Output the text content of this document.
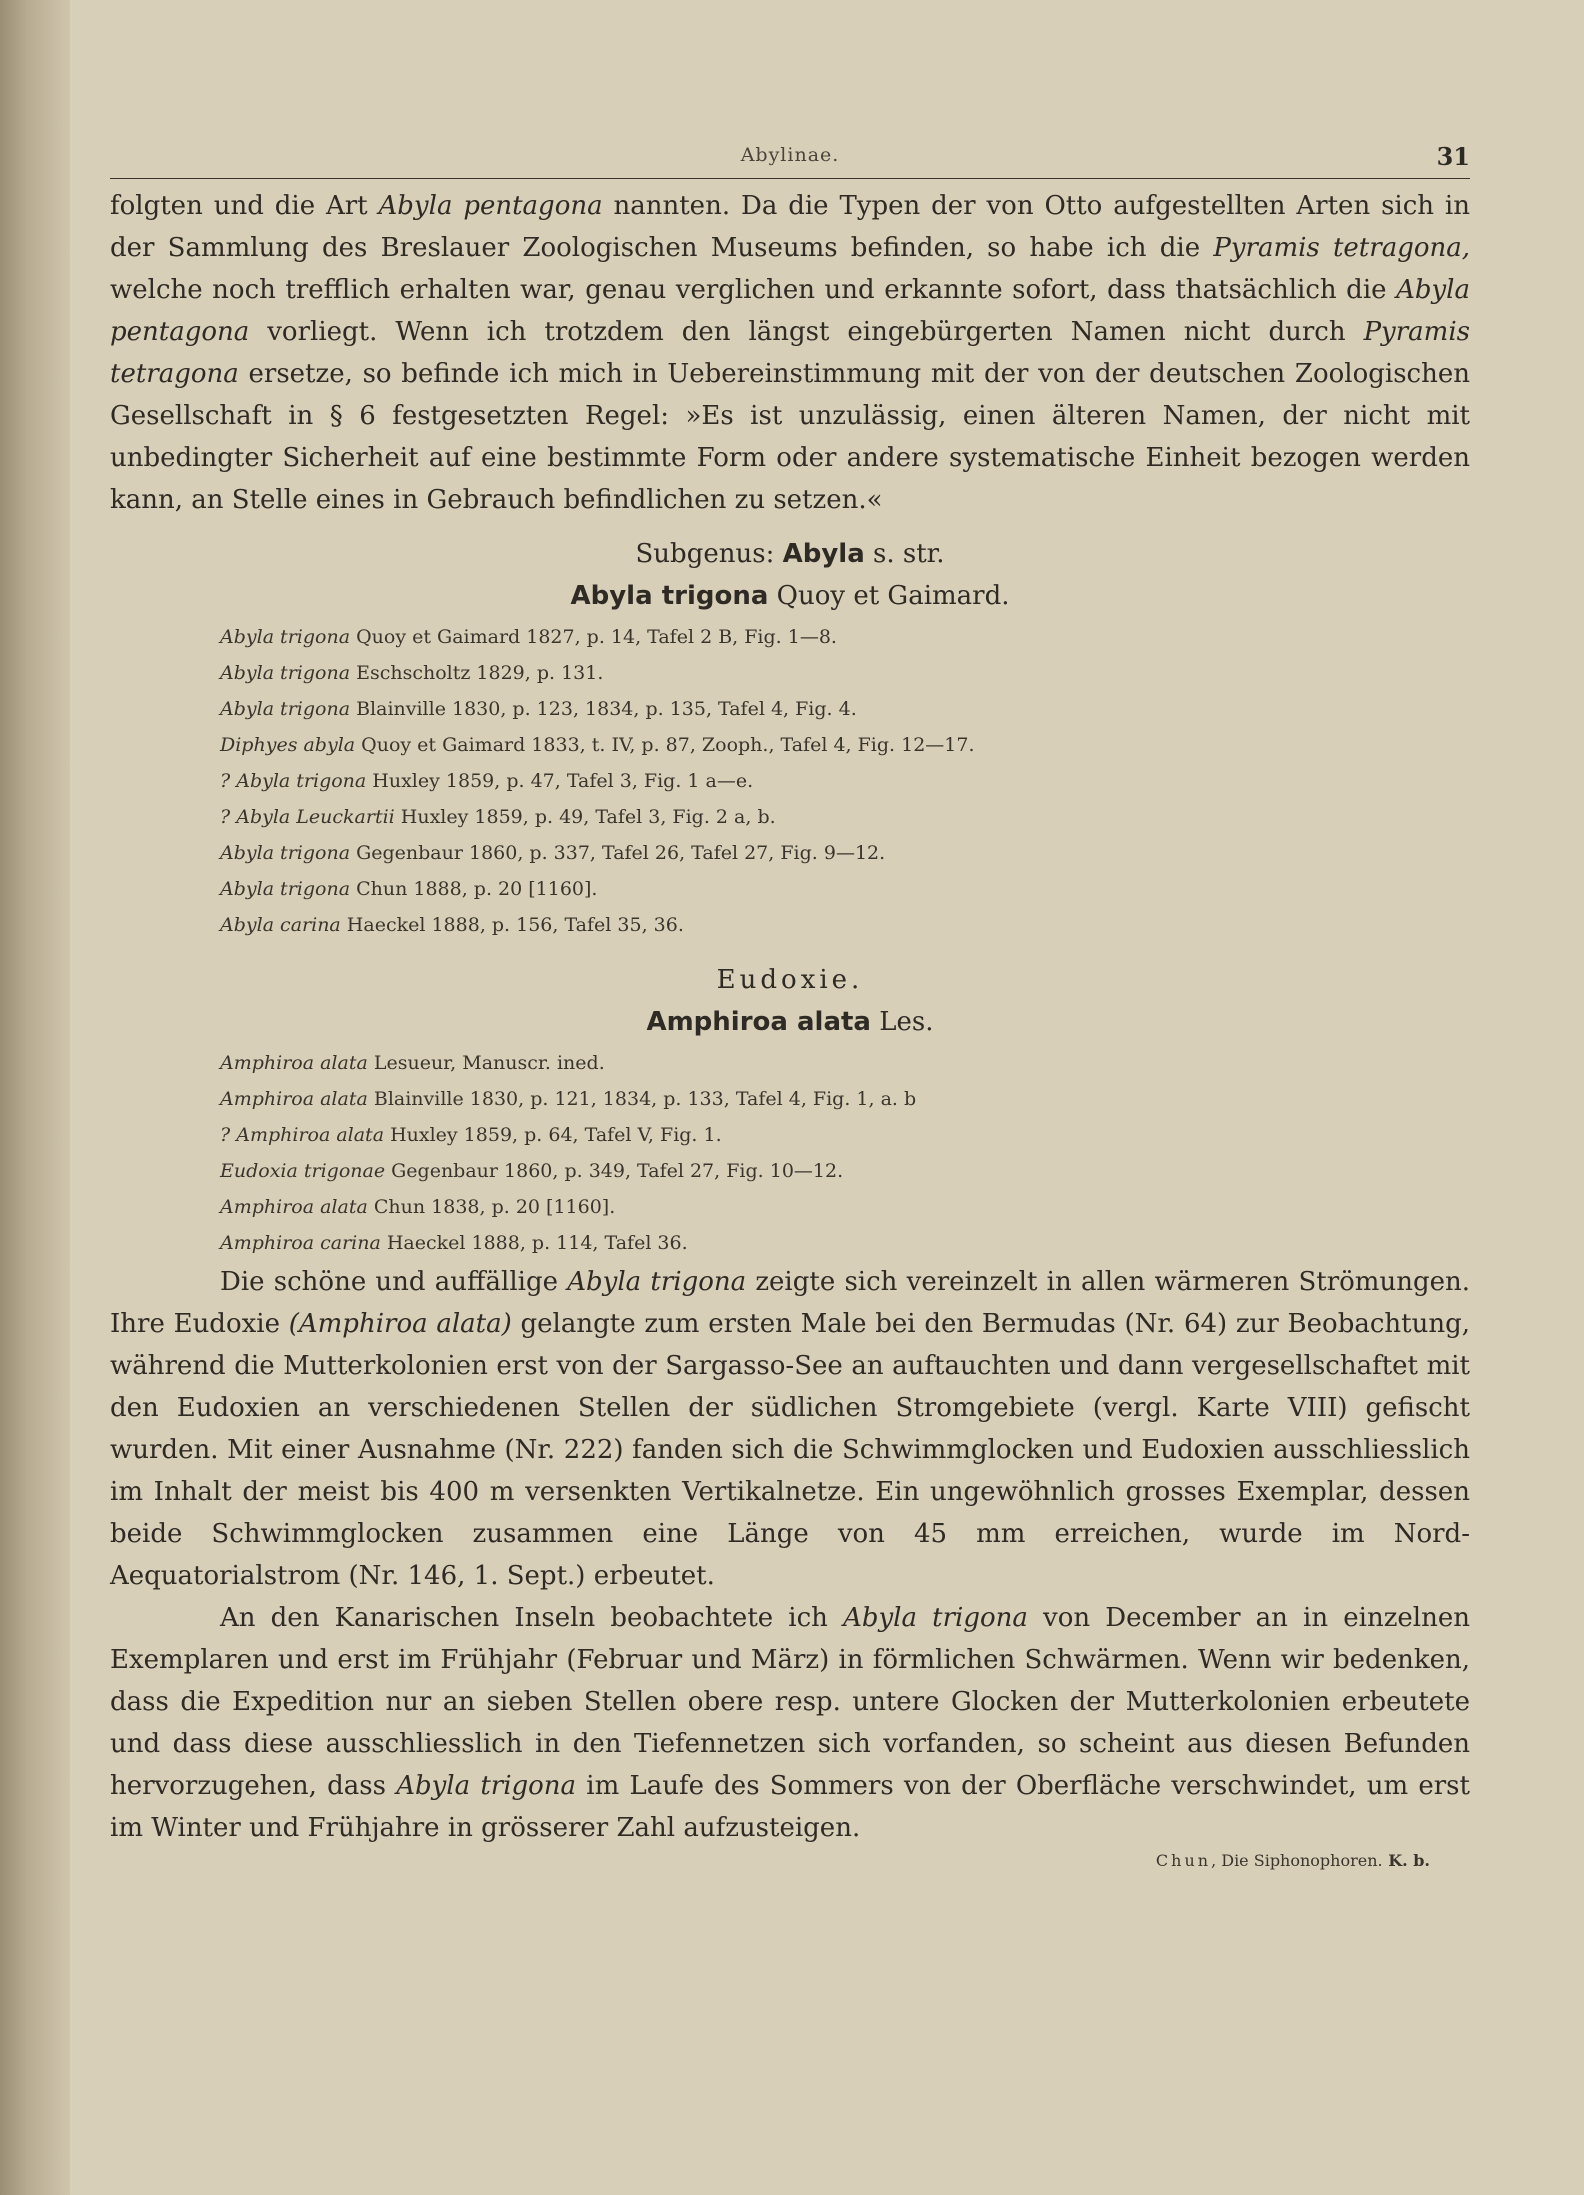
Abylinae.	31

folgten und die Art Abyla pentagona nannten. Da die Typen der von Otto aufgestellten Arten sich in der Sammlung des Breslauer Zoologischen Museums befinden, so habe ich die Pyramis tetragona, welche noch trefflich erhalten war, genau verglichen und erkannte sofort, dass thatsächlich die Abyla pentagona vorliegt. Wenn ich trotzdem den längst eingebürgerten Namen nicht durch Pyramis tetragona ersetze, so befinde ich mich in Uebereinstimmung mit der von der deutschen Zoologischen Gesellschaft in § 6 festgesetzten Regel: »Es ist unzulässig, einen älteren Namen, der nicht mit unbedingter Sicherheit auf eine bestimmte Form oder andere systematische Einheit bezogen werden kann, an Stelle eines in Gebrauch befindlichen zu setzen.«

Subgenus: Abyla s. str.
Abyla trigona Quoy et Gaimard.
Abyla trigona Quoy et Gaimard 1827, p. 14, Tafel 2 B, Fig. 1—8.
Abyla trigona Eschscholtz 1829, p. 131.
Abyla trigona Blainville 1830, p. 123, 1834, p. 135, Tafel 4, Fig. 4.
Diphyes abyla Quoy et Gaimard 1833, t. IV, p. 87, Zooph., Tafel 4, Fig. 12—17.
? Abyla trigona Huxley 1859, p. 47, Tafel 3, Fig. 1 a—e.
? Abyla Leuckartii Huxley 1859, p. 49, Tafel 3, Fig. 2 a, b.
Abyla trigona Gegenbaur 1860, p. 337, Tafel 26, Tafel 27, Fig. 9—12.
Abyla trigona Chun 1888, p. 20 [1160].
Abyla carina Haeckel 1888, p. 156, Tafel 35, 36.
Eudoxie.
Amphiroa alata Les.
Amphiroa alata Lesueur, Manuscr. ined.
Amphiroa alata Blainville 1830, p. 121, 1834, p. 133, Tafel 4, Fig. 1, a. b
? Amphiroa alata Huxley 1859, p. 64, Tafel V, Fig. 1.
Eudoxia trigonae Gegenbaur 1860, p. 349, Tafel 27, Fig. 10—12.
Amphiroa alata Chun 1838, p. 20 [1160].
Amphiroa carina Haeckel 1888, p. 114, Tafel 36.

Die schöne und auffällige Abyla trigona zeigte sich vereinzelt in allen wärmeren Strömungen. Ihre Eudoxie (Amphiroa alata) gelangte zum ersten Male bei den Bermudas (Nr. 64) zur Beobachtung, während die Mutterkolonien erst von der Sargasso-See an auftauchten und dann vergesellschaftet mit den Eudoxien an verschiedenen Stellen der südlichen Stromgebiete (vergl. Karte VIII) gefischt wurden. Mit einer Ausnahme (Nr. 222) fanden sich die Schwimmglocken und Eudoxien ausschliesslich im Inhalt der meist bis 400 m versenkten Vertikalnetze. Ein ungewöhnlich grosses Exemplar, dessen beide Schwimmglocken zusammen eine Länge von 45 mm erreichen, wurde im Nord-Aequatorialstrom (Nr. 146, 1. Sept.) erbeutet.

An den Kanarischen Inseln beobachtete ich Abyla trigona von December an in einzelnen Exemplaren und erst im Frühjahr (Februar und März) in förmlichen Schwärmen. Wenn wir bedenken, dass die Expedition nur an sieben Stellen obere resp. untere Glocken der Mutterkolonien erbeutete und dass diese ausschliesslich in den Tiefennetzen sich vorfanden, so scheint aus diesen Befunden hervorzugehen, dass Abyla trigona im Laufe des Sommers von der Oberfläche verschwindet, um erst im Winter und Frühjahre in grösserer Zahl aufzusteigen.

Chun, Die Siphonophoren. K. b.
